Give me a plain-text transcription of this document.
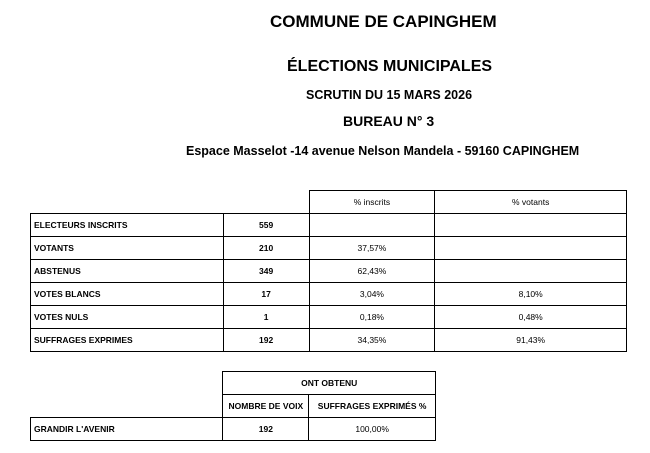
COMMUNE DE CAPINGHEM
ÉLECTIONS MUNICIPALES
SCRUTIN DU 15 MARS 2026
BUREAU N° 3
Espace Masselot -14 avenue Nelson Mandela - 59160 CAPINGHEM
		% inscrits	% votants
ELECTEURS INSCRITS	559		
VOTANTS	210	37,57%	
ABSTENUS	349	62,43%	
VOTES BLANCS	17	3,04%	8,10%
VOTES NULS	1	0,18%	0,48%
SUFFRAGES EXPRIMES	192	34,35%	91,43%
	ONT OBTENU	
	NOMBRE DE VOIX	SUFFRAGES EXPRIMÉS %
GRANDIR L'AVENIR	192	100,00%
